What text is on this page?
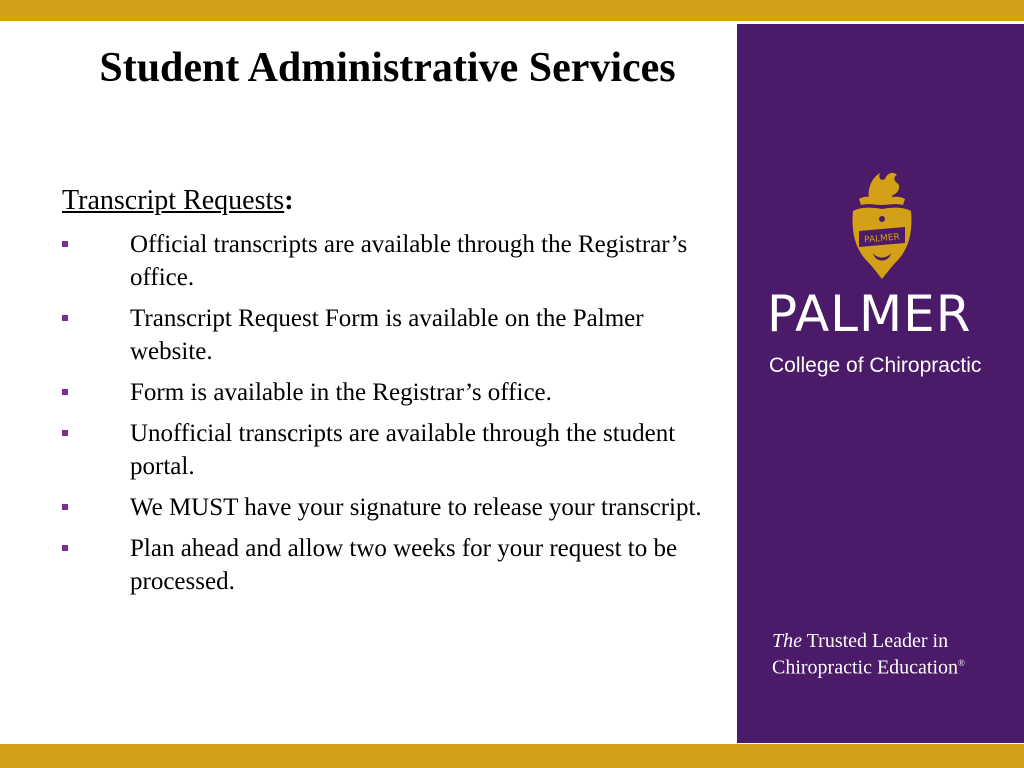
Student Administrative Services

Transcript Requests:

Official transcripts are available through the Registrar’s office.
Transcript Request Form is available on the Palmer website.
Form is available in the Registrar’s office.
Unofficial transcripts are available through the student portal.
We MUST have your signature to release your transcript.
Plan ahead and allow two weeks for your request to be processed.
PALMER

PALMER

College of Chiropractic

The Trusted Leader in
Chiropractic Education®
